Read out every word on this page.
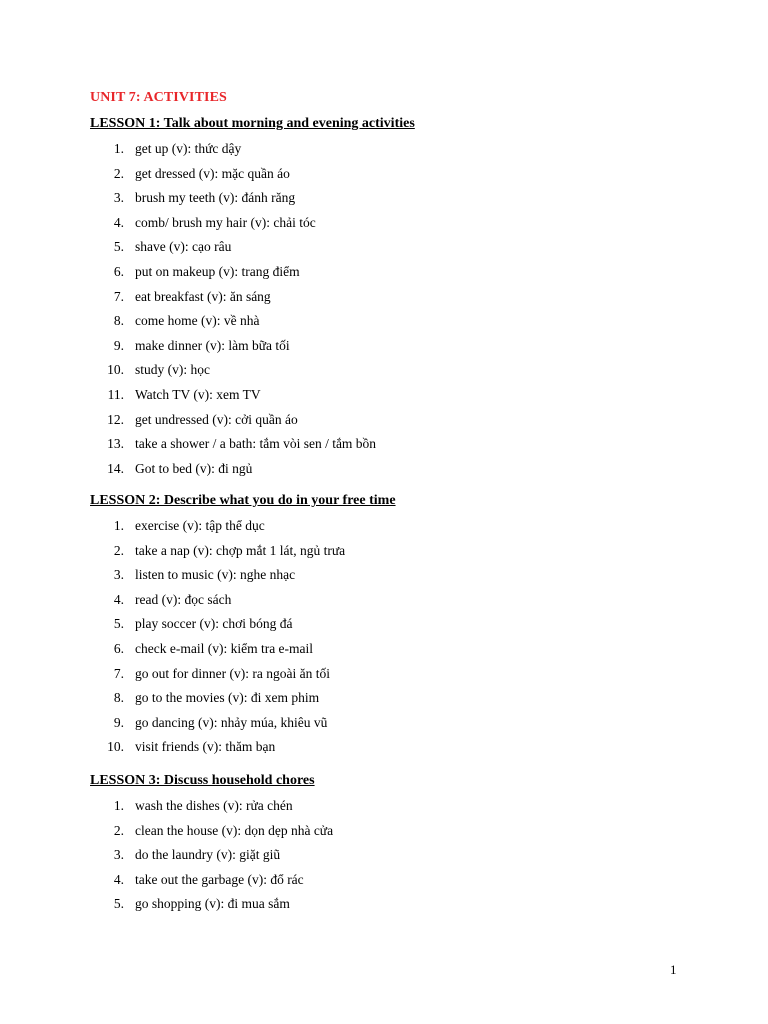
UNIT 7: ACTIVITIES
LESSON 1: Talk about morning and evening activities
1. get up (v): thức dậy
2. get dressed (v): mặc quần áo
3. brush my teeth (v): đánh răng
4. comb/ brush my hair (v): chải tóc
5. shave (v): cạo râu
6. put on makeup (v): trang điểm
7. eat breakfast (v): ăn sáng
8. come home (v): về nhà
9. make dinner (v): làm bữa tối
10. study (v): học
11. Watch TV (v): xem TV
12. get undressed (v): cởi quần áo
13. take a shower / a bath: tắm vòi sen / tắm bồn
14. Got to bed (v): đi ngủ
LESSON 2: Describe what you do in your free time
1. exercise (v): tập thể dục
2. take a nap (v): chợp mắt 1 lát, ngủ trưa
3. listen to music (v): nghe nhạc
4. read (v): đọc sách
5. play soccer (v): chơi bóng đá
6. check e-mail (v): kiểm tra e-mail
7. go out for dinner (v): ra ngoài ăn tối
8. go to the movies (v): đi xem phim
9. go dancing (v): nhảy múa, khiêu vũ
10. visit friends (v): thăm bạn
LESSON 3: Discuss household chores
1. wash the dishes (v): rửa chén
2. clean the house (v): dọn dẹp nhà cửa
3. do the laundry (v): giặt giũ
4. take out the garbage (v): đổ rác
5. go shopping (v): đi mua sắm
1
